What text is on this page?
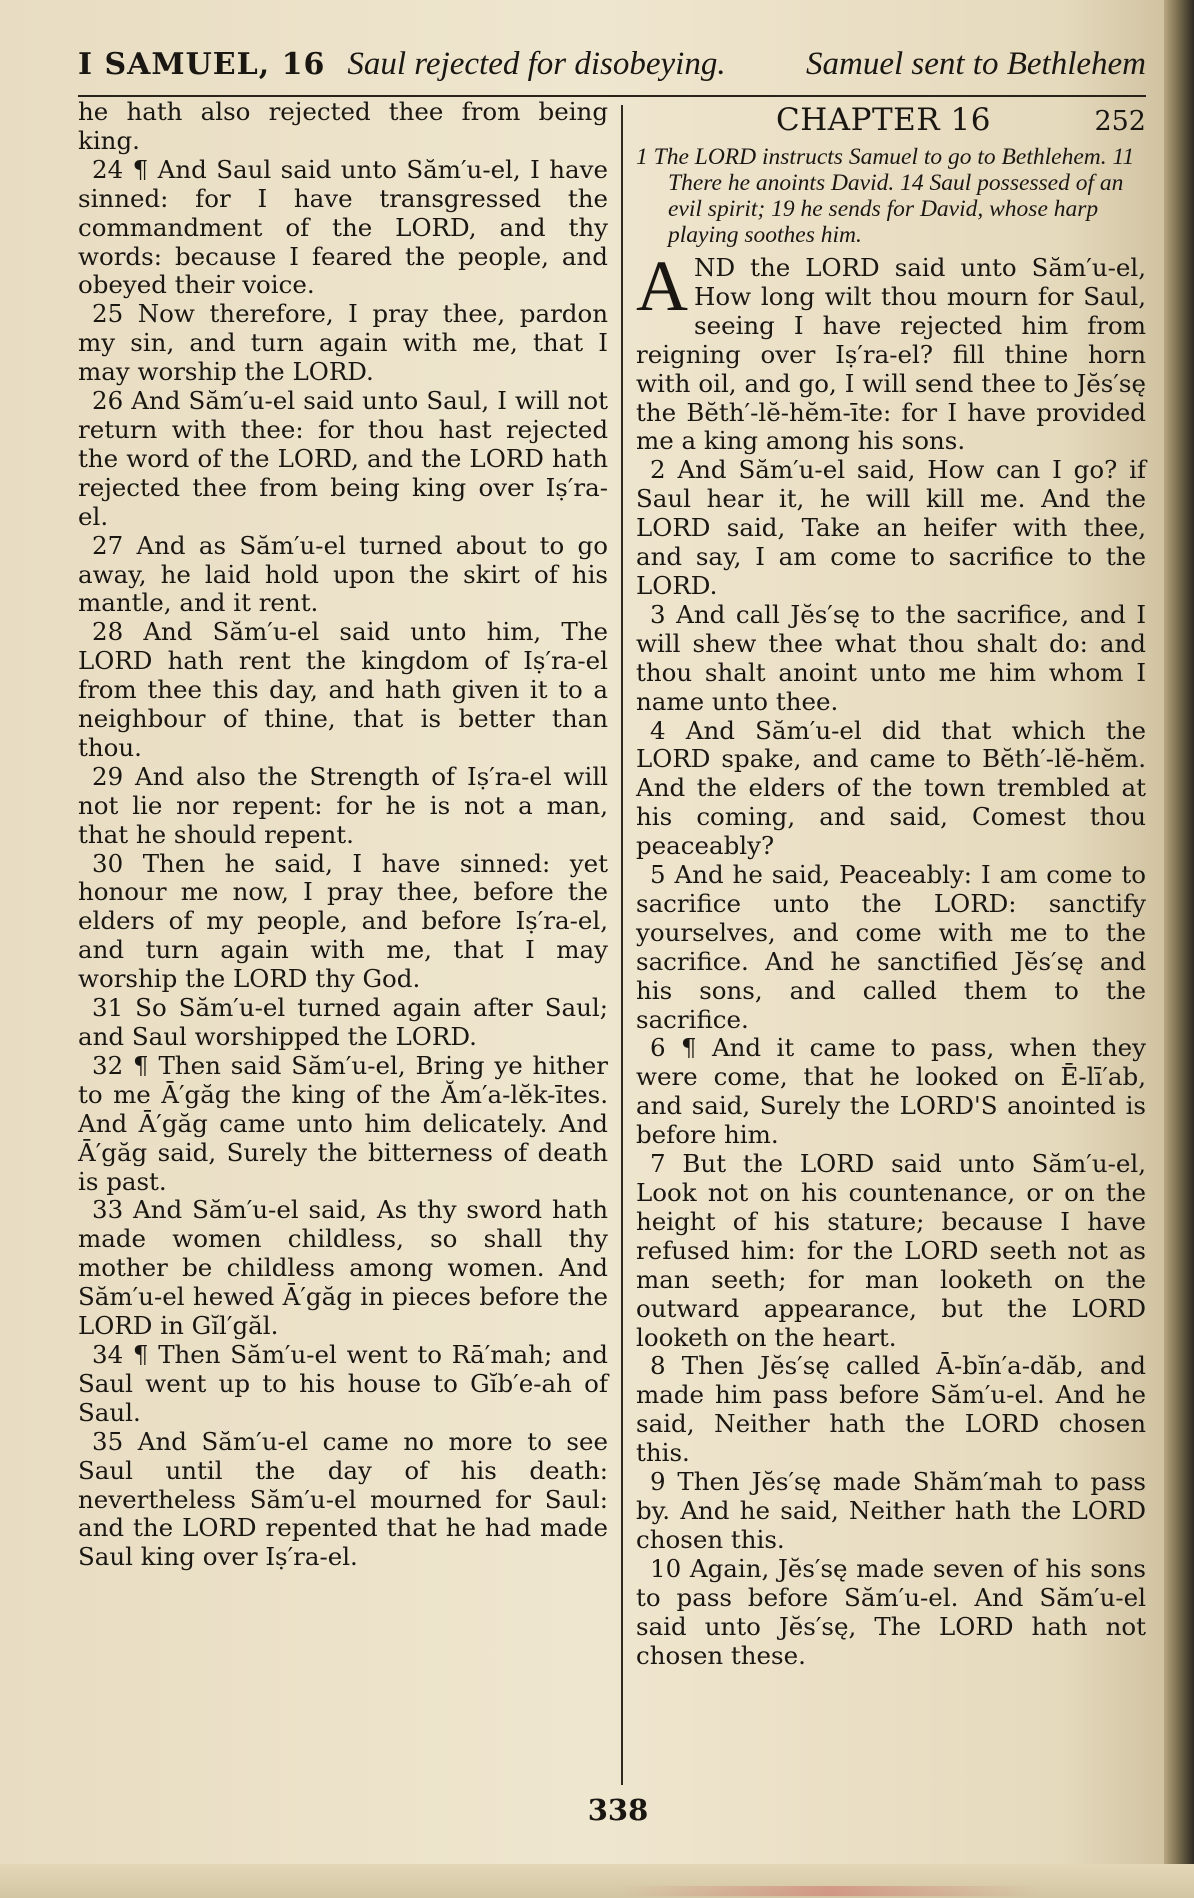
I SAMUEL, 16 Saul rejected for disobeying. Samuel sent to Bethlehem

he hath also rejected thee from being king.

24 ¶ And Saul said unto Săm′u-el, I have sinned: for I have transgressed the commandment of the LORD, and thy words: because I feared the people, and obeyed their voice.

25 Now therefore, I pray thee, pardon my sin, and turn again with me, that I may worship the LORD.

26 And Săm′u-el said unto Saul, I will not return with thee: for thou hast rejected the word of the LORD, and the LORD hath rejected thee from being king over Iṣ′ra-el.

27 And as Săm′u-el turned about to go away, he laid hold upon the skirt of his mantle, and it rent.

28 And Săm′u-el said unto him, The LORD hath rent the kingdom of Iṣ′ra-el from thee this day, and hath given it to a neighbour of thine, that is better than thou.

29 And also the Strength of Iṣ′ra-el will not lie nor repent: for he is not a man, that he should repent.

30 Then he said, I have sinned: yet honour me now, I pray thee, before the elders of my people, and before Iṣ′ra-el, and turn again with me, that I may worship the LORD thy God.

31 So Săm′u-el turned again after Saul; and Saul worshipped the LORD.

32 ¶ Then said Săm′u-el, Bring ye hither to me Ā′găg the king of the Ăm′a-lĕk-ītes. And Ā′găg came unto him delicately. And Ā′găg said, Surely the bitterness of death is past.

33 And Săm′u-el said, As thy sword hath made women childless, so shall thy mother be childless among women. And Săm′u-el hewed Ā′găg in pieces before the LORD in Gĭl′găl.

34 ¶ Then Săm′u-el went to Rā′mah; and Saul went up to his house to Gĭb′e-ah of Saul.

35 And Săm′u-el came no more to see Saul until the day of his death: nevertheless Săm′u-el mourned for Saul: and the LORD repented that he had made Saul king over Iṣ′ra-el.

CHAPTER 16	252

1 The LORD instructs Samuel to go to Bethlehem. 11 There he anoints David. 14 Saul possessed of an evil spirit; 19 he sends for David, whose harp playing soothes him.

AND the LORD said unto Săm′u-el, How long wilt thou mourn for Saul, seeing I have rejected him from reigning over Iṣ′ra-el? fill thine horn with oil, and go, I will send thee to Jĕs′sę the Bĕth′-lĕ-hĕm-īte: for I have provided me a king among his sons.

2 And Săm′u-el said, How can I go? if Saul hear it, he will kill me. And the LORD said, Take an heifer with thee, and say, I am come to sacrifice to the LORD.

3 And call Jĕs′sę to the sacrifice, and I will shew thee what thou shalt do: and thou shalt anoint unto me him whom I name unto thee.

4 And Săm′u-el did that which the LORD spake, and came to Bĕth′-lĕ-hĕm. And the elders of the town trembled at his coming, and said, Comest thou peaceably?

5 And he said, Peaceably: I am come to sacrifice unto the LORD: sanctify yourselves, and come with me to the sacrifice. And he sanctified Jĕs′sę and his sons, and called them to the sacrifice.

6 ¶ And it came to pass, when they were come, that he looked on Ē-lī′ab, and said, Surely the LORD'S anointed is before him.

7 But the LORD said unto Săm′u-el, Look not on his countenance, or on the height of his stature; because I have refused him: for the LORD seeth not as man seeth; for man looketh on the outward appearance, but the LORD looketh on the heart.

8 Then Jĕs′sę called Ā-bĭn′a-dăb, and made him pass before Săm′u-el. And he said, Neither hath the LORD chosen this.

9 Then Jĕs′sę made Shăm′mah to pass by. And he said, Neither hath the LORD chosen this.

10 Again, Jĕs′sę made seven of his sons to pass before Săm′u-el. And Săm′u-el said unto Jĕs′sę, The LORD hath not chosen these.

338
